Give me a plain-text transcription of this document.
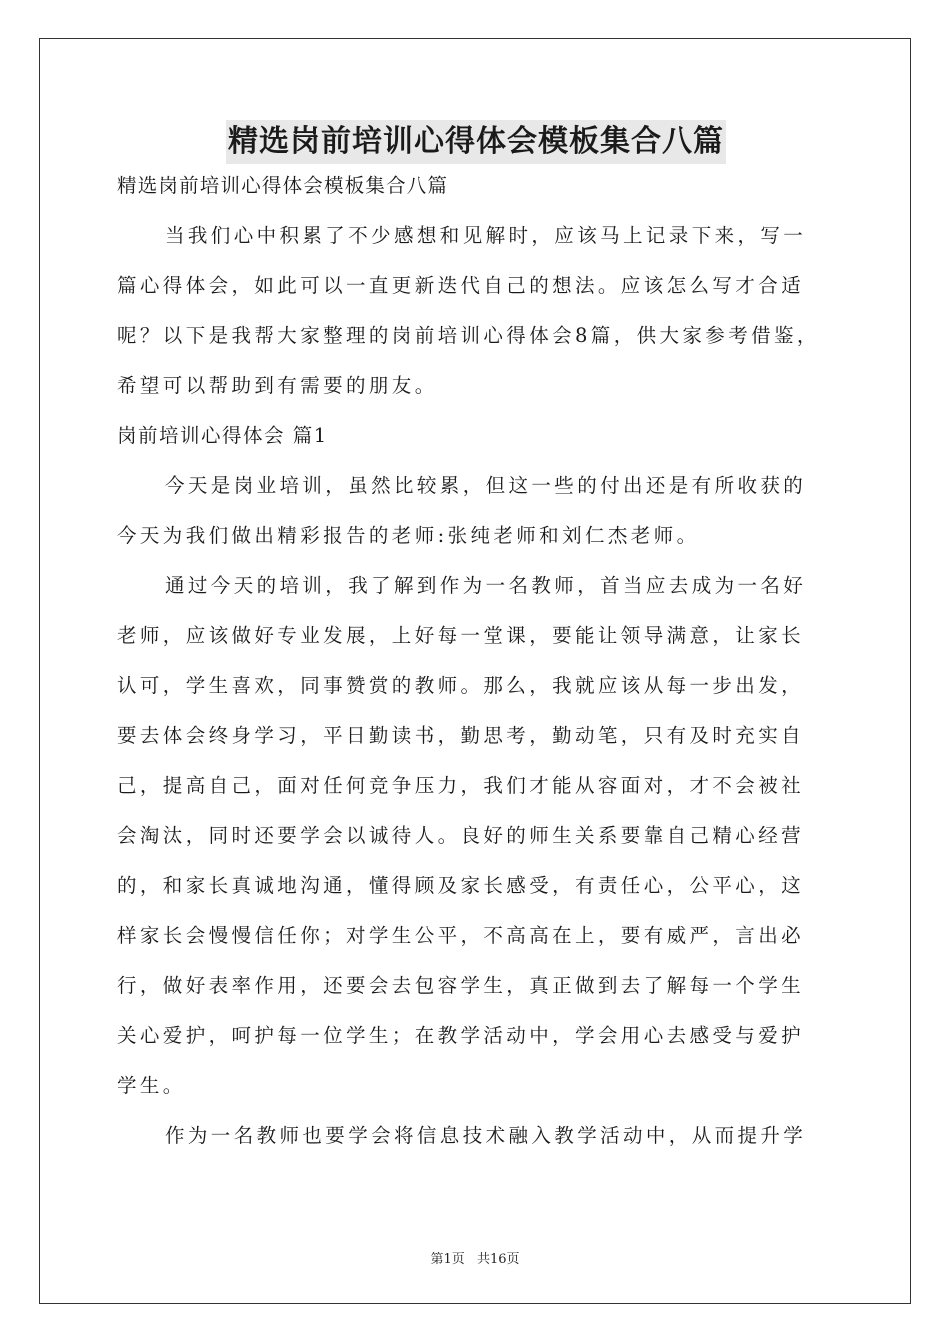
精选岗前培训心得体会模板集合八篇

精选岗前培训心得体会模板集合八篇

当我们心中积累了不少感想和见解时，应该马上记录下来，写一

篇心得体会，如此可以一直更新迭代自己的想法。应该怎么写才合适

呢？以下是我帮大家整理的岗前培训心得体会8篇，供大家参考借鉴，

希望可以帮助到有需要的朋友。

岗前培训心得体会 篇1

今天是岗业培训，虽然比较累，但这一些的付出还是有所收获的

今天为我们做出精彩报告的老师:张纯老师和刘仁杰老师。

通过今天的培训，我了解到作为一名教师，首当应去成为一名好

老师，应该做好专业发展，上好每一堂课，要能让领导满意，让家长

认可，学生喜欢，同事赞赏的教师。那么，我就应该从每一步出发，

要去体会终身学习，平日勤读书，勤思考，勤动笔，只有及时充实自

己，提高自己，面对任何竞争压力，我们才能从容面对，才不会被社

会淘汰，同时还要学会以诚待人。良好的师生关系要靠自己精心经营

的，和家长真诚地沟通，懂得顾及家长感受，有责任心，公平心，这

样家长会慢慢信任你；对学生公平，不高高在上，要有威严，言出必

行，做好表率作用，还要会去包容学生，真正做到去了解每一个学生

关心爱护，呵护每一位学生；在教学活动中，学会用心去感受与爱护

学生。

作为一名教师也要学会将信息技术融入教学活动中，从而提升学

第1页 共16页
